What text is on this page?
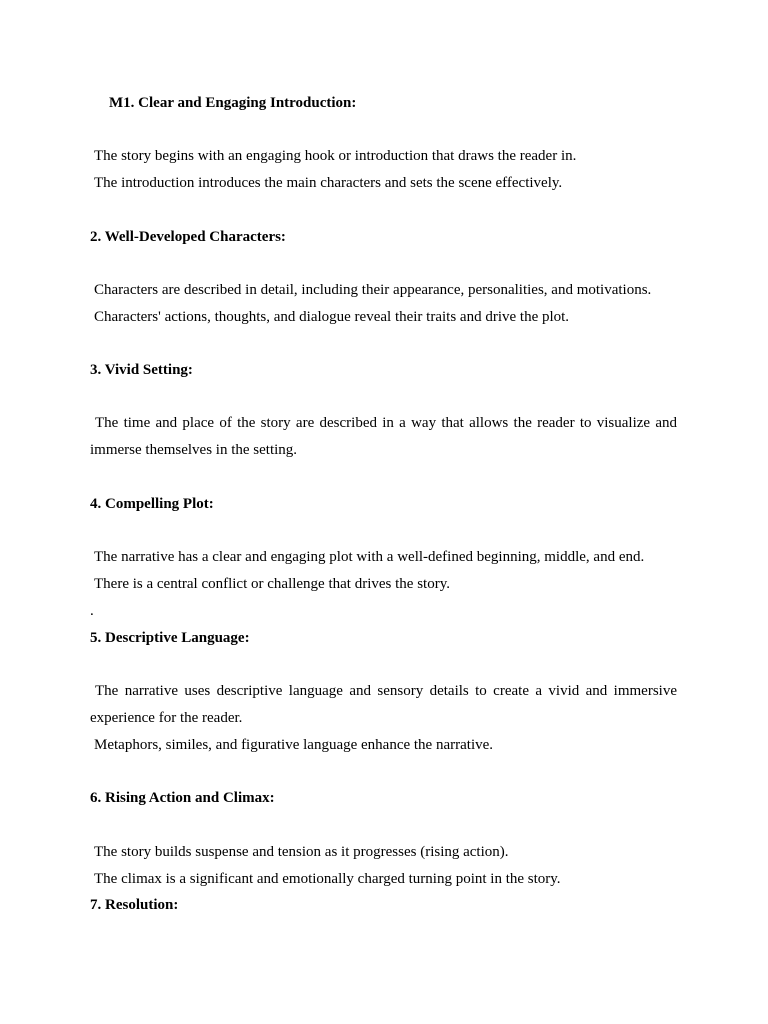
M1. Clear and Engaging Introduction:
The story begins with an engaging hook or introduction that draws the reader in.
The introduction introduces the main characters and sets the scene effectively.
2. Well-Developed Characters:
Characters are described in detail, including their appearance, personalities, and motivations.
Characters' actions, thoughts, and dialogue reveal their traits and drive the plot.
3. Vivid Setting:
The time and place of the story are described in a way that allows the reader to visualize and immerse themselves in the setting.
4. Compelling Plot:
The narrative has a clear and engaging plot with a well-defined beginning, middle, and end.
There is a central conflict or challenge that drives the story.
.
5. Descriptive Language:
The narrative uses descriptive language and sensory details to create a vivid and immersive experience for the reader.
Metaphors, similes, and figurative language enhance the narrative.
6. Rising Action and Climax:
The story builds suspense and tension as it progresses (rising action).
The climax is a significant and emotionally charged turning point in the story.
7. Resolution:
